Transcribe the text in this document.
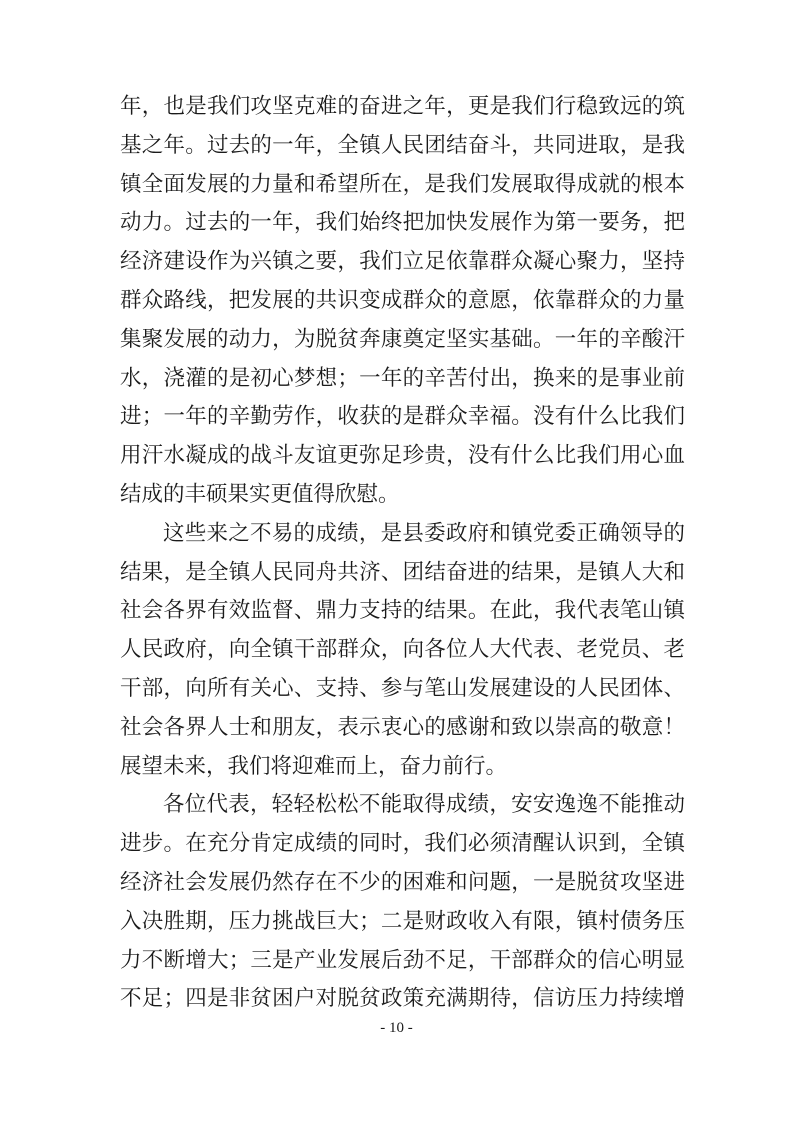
年，也是我们攻坚克难的奋进之年，更是我们行稳致远的筑
基之年。过去的一年，全镇人民团结奋斗，共同进取，是我
镇全面发展的力量和希望所在，是我们发展取得成就的根本
动力。过去的一年，我们始终把加快发展作为第一要务，把
经济建设作为兴镇之要，我们立足依靠群众凝心聚力，坚持
群众路线，把发展的共识变成群众的意愿，依靠群众的力量
集聚发展的动力，为脱贫奔康奠定坚实基础。一年的辛酸汗
水，浇灌的是初心梦想；一年的辛苦付出，换来的是事业前
进；一年的辛勤劳作，收获的是群众幸福。没有什么比我们
用汗水凝成的战斗友谊更弥足珍贵，没有什么比我们用心血
结成的丰硕果实更值得欣慰。
这些来之不易的成绩，是县委政府和镇党委正确领导的
结果，是全镇人民同舟共济、团结奋进的结果，是镇人大和
社会各界有效监督、鼎力支持的结果。在此，我代表笔山镇
人民政府，向全镇干部群众，向各位人大代表、老党员、老
干部，向所有关心、支持、参与笔山发展建设的人民团体、
社会各界人士和朋友，表示衷心的感谢和致以崇高的敬意！
展望未来，我们将迎难而上，奋力前行。
各位代表，轻轻松松不能取得成绩，安安逸逸不能推动
进步。在充分肯定成绩的同时，我们必须清醒认识到，全镇
经济社会发展仍然存在不少的困难和问题，一是脱贫攻坚进
入决胜期，压力挑战巨大；二是财政收入有限，镇村债务压
力不断增大；三是产业发展后劲不足，干部群众的信心明显
不足；四是非贫困户对脱贫政策充满期待，信访压力持续增
- 10 -
